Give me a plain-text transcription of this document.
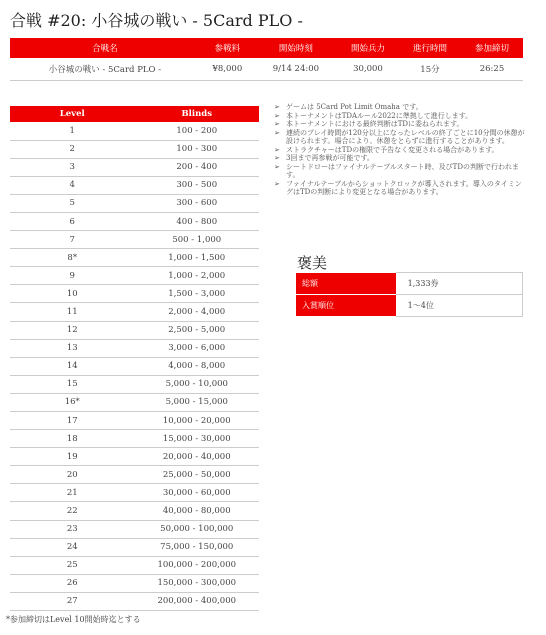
合戦 #20: 小谷城の戦い - 5Card PLO -
合戦名	参戦料	開始時刻	開始兵力	進行時間	参加締切
小谷城の戦い - 5Card PLO -	¥8,000	9/14 24:00	30,000	15分	26:25
Level	Blinds
1	100 - 200
2	100 - 300
3	200 - 400
4	300 - 500
5	300 - 600
6	400 - 800
7	500 - 1,000
8*	1,000 - 1,500
9	1,000 - 2,000
10	1,500 - 3,000
11	2,000 - 4,000
12	2,500 - 5,000
13	3,000 - 6,000
14	4,000 - 8,000
15	5,000 - 10,000
16*	5,000 - 15,000
17	10,000 - 20,000
18	15,000 - 30,000
19	20,000 - 40,000
20	25,000 - 50,000
21	30,000 - 60,000
22	40,000 - 80,000
23	50,000 - 100,000
24	75,000 - 150,000
25	100,000 - 200,000
26	150,000 - 300,000
27	200,000 - 400,000
*参加締切はLevel 10開始時迄とする
➢ ゲームは 5Card Pot Limit Omaha です。
➢ 本トーナメントはTDAルール2022に準拠して進行します。
➢ 本トーナメントにおける最終判断はTDに委ねられます。
➢ 連続のプレイ時間が120分以上になったレベルの終了ごとに10分間の休憩が設けられます。場合により、休憩をとらずに進行することがあります。
➢ ストラクチャーはTDの権限で予告なく変更される場合があります。
➢ 3回まで再参戦が可能です。
➢ シートドローはファイナルテーブルスタート時、及びTDの判断で行われます。
➢ ファイナルテーブルからショットクロックが導入されます。導入のタイミングはTDの判断により変更となる場合があります。
褒美
総額	1,333券
入賞順位	1～4位
